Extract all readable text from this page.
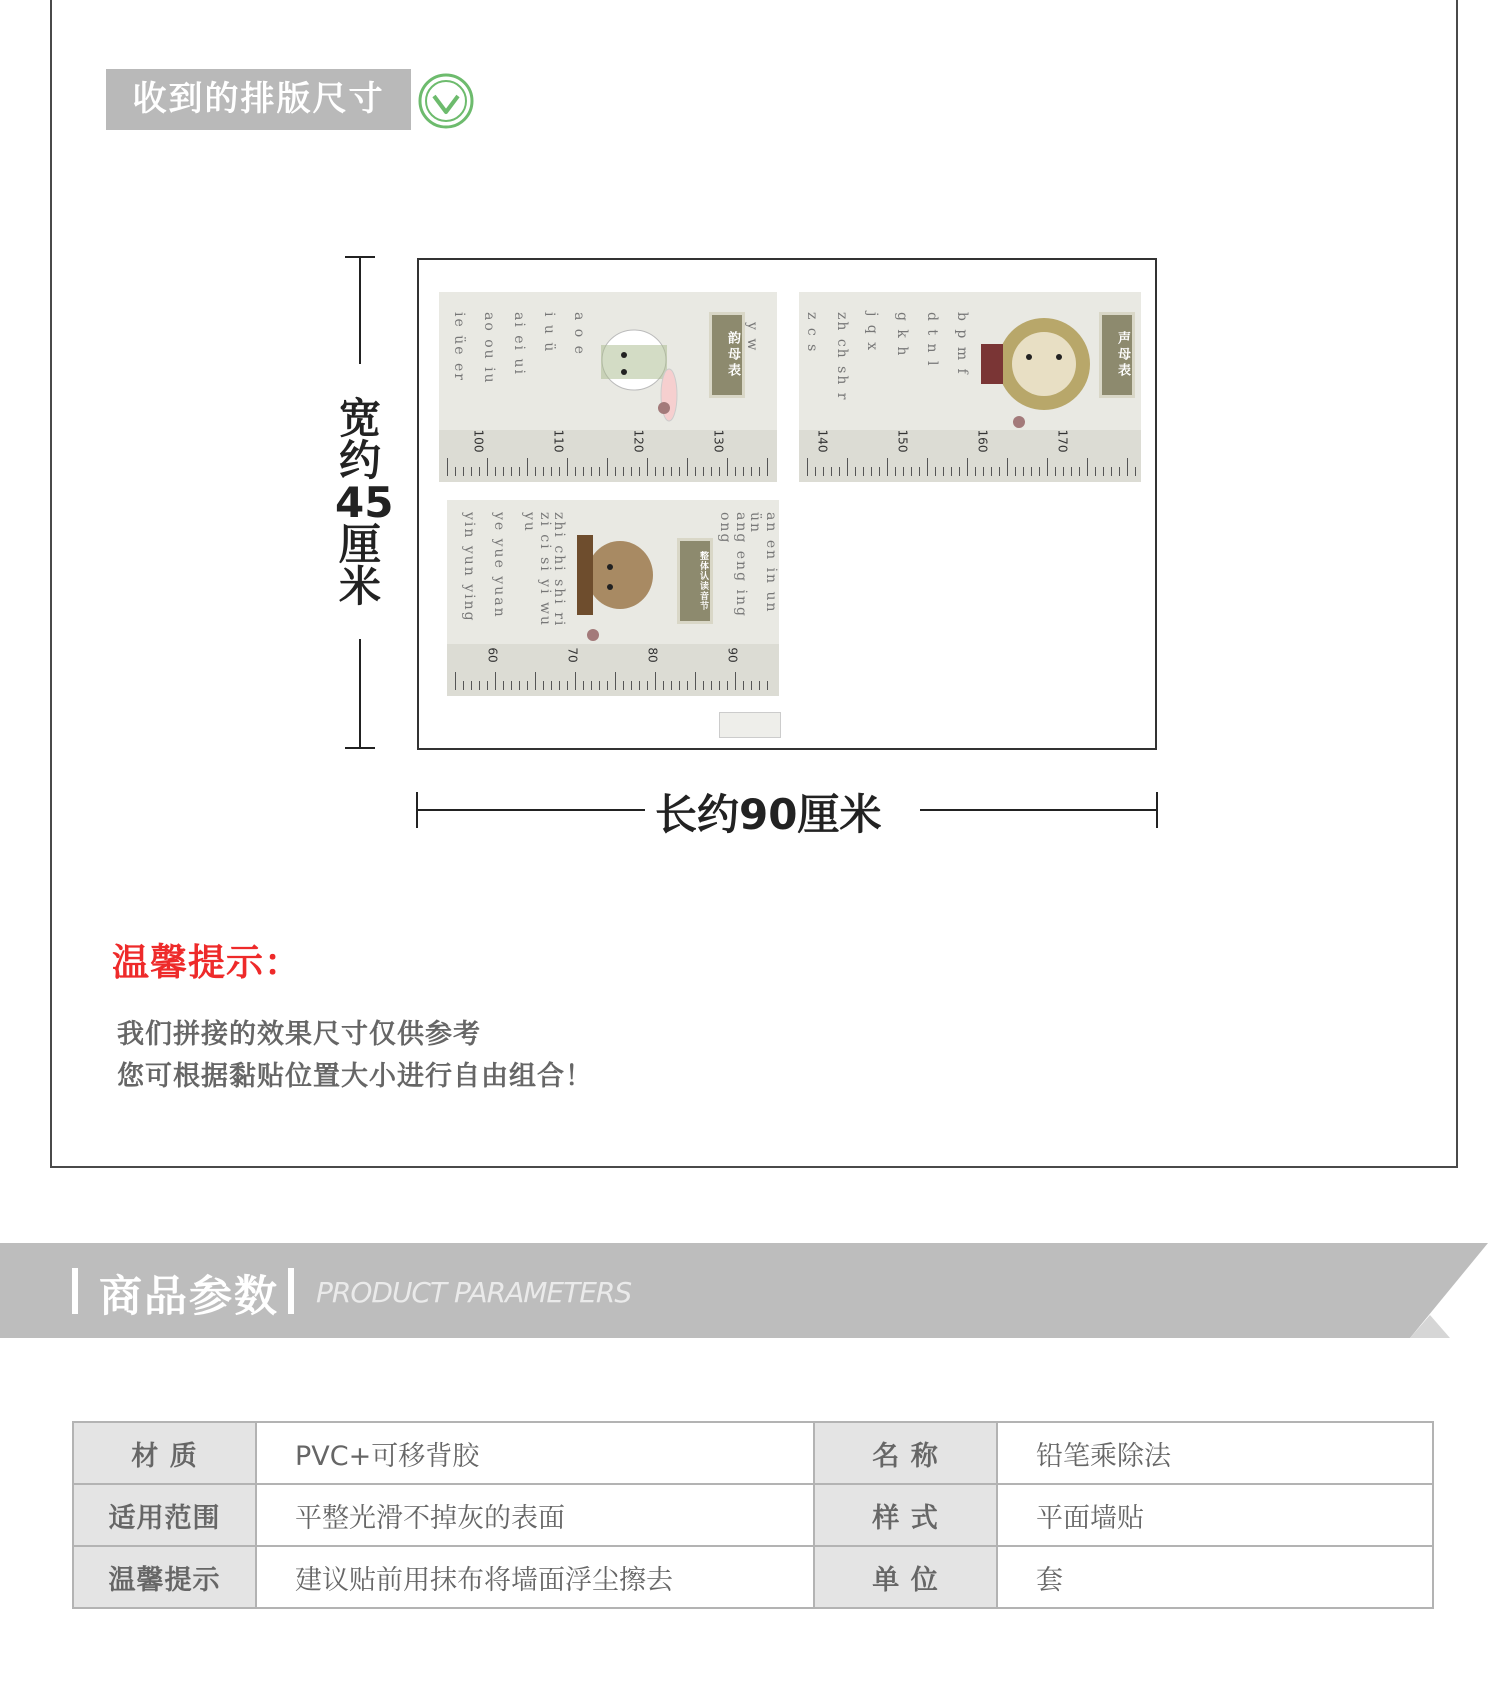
收到的排版尺寸
宽约45厘米
长约90厘米
ie üe er ao ou iu ai ei ui i u ü a o e	韵母表 y w
100	110	120	130
z c s zh ch sh r j q x g k h d t n l b p m f	声母表
140	150	160	170
yin yun ying ye yue yuan	zi ci si yi wu yu	zhi chi shi ri	整体认读音节	ang eng ing ong	an en in un ün
60	70	80	90
温馨提示：
我们拼接的效果尺寸仅供参考
您可根据黏贴位置大小进行自由组合！
商品参数 PRODUCT PARAMETERS
材 质	PVC+可移背胶	名 称	铅笔乘除法
适用范围	平整光滑不掉灰的表面	样 式	平面墙贴
温馨提示	建议贴前用抹布将墙面浮尘擦去	单 位	套
